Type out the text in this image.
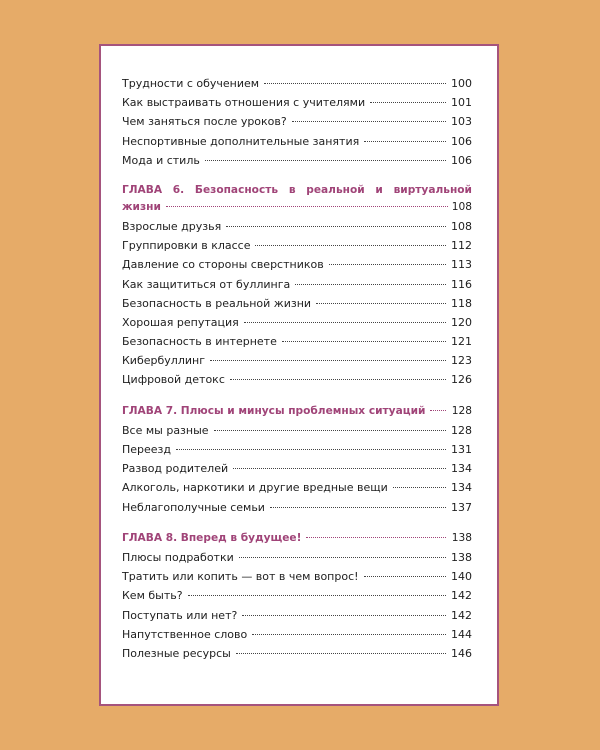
Трудности с обучением	100
Как выстраивать отношения с учителями	101
Чем заняться после уроков?	103
Неспортивные дополнительные занятия	106
Мода и стиль	106
ГЛАВА 6. Безопасность в реальной и виртуальной
жизни	108
Взрослые друзья	108
Группировки в классе	112
Давление со стороны сверстников	113
Как защититься от буллинга	116
Безопасность в реальной жизни	118
Хорошая репутация	120
Безопасность в интернете	121
Кибербуллинг	123
Цифровой детокс	126
ГЛАВА 7. Плюсы и минусы проблемных ситуаций 128
Все мы разные	128
Переезд	131
Развод родителей	134
Алкоголь, наркотики и другие вредные вещи	134
Неблагополучные семьи	137
ГЛАВА 8. Вперед в будущее!	138
Плюсы подработки	138
Тратить или копить — вот в чем вопрос!	140
Кем быть?	142
Поступать или нет?	142
Напутственное слово	144
Полезные ресурсы	146
